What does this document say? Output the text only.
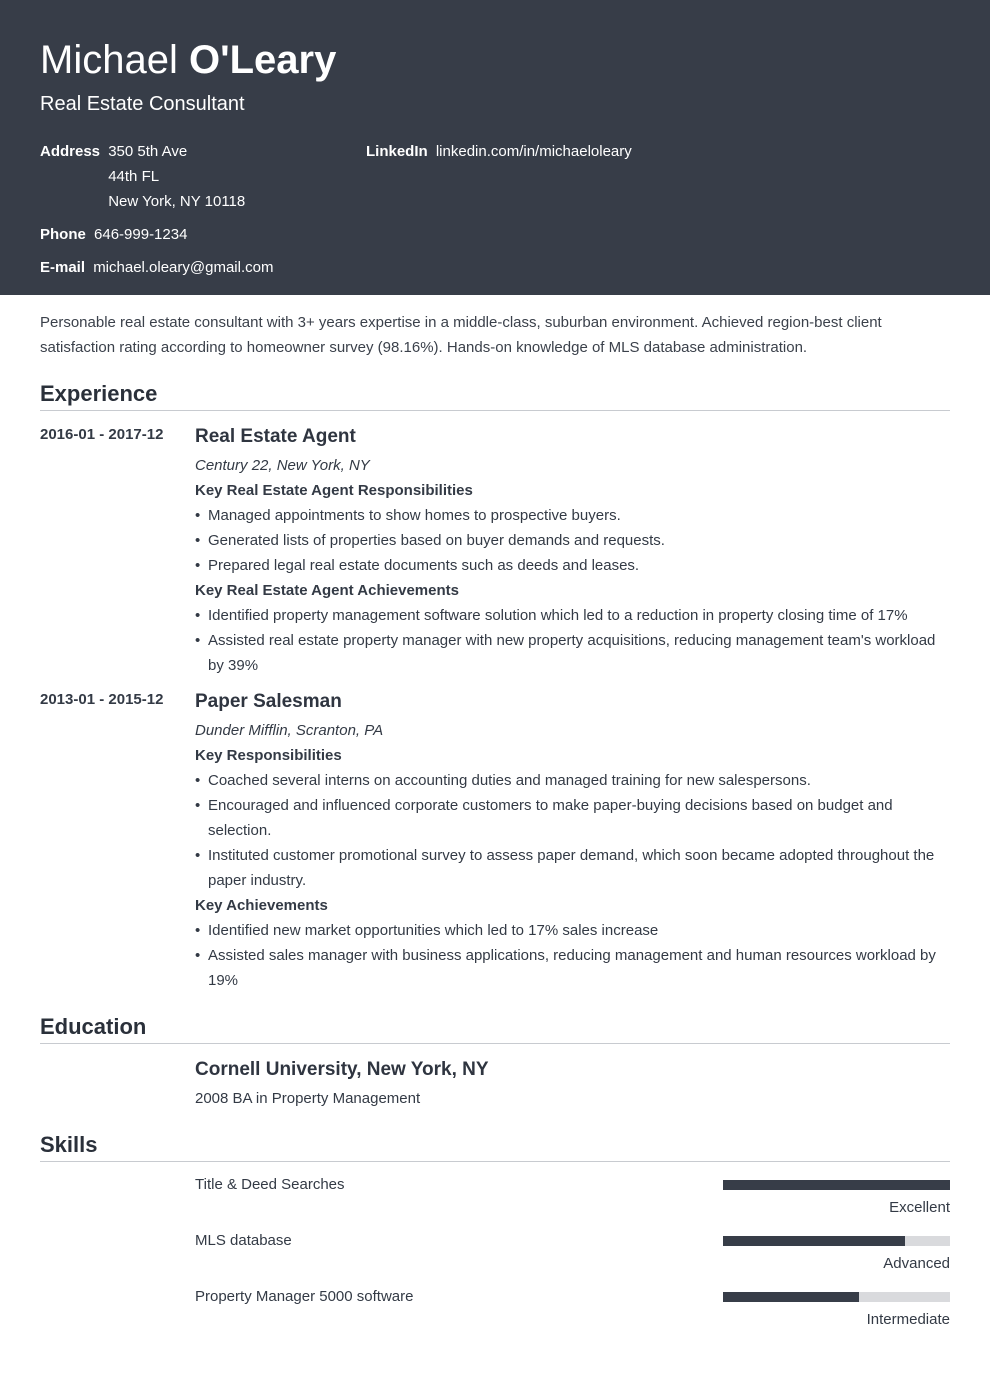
Michael O'Leary
Real Estate Consultant
Address 350 5th Ave
44th FL
New York, NY 10118
LinkedIn linkedin.com/in/michaeloleary
Phone 646-999-1234
E-mail michael.oleary@gmail.com
Personable real estate consultant with 3+ years expertise in a middle-class, suburban environment. Achieved region-best client satisfaction rating according to homeowner survey (98.16%). Hands-on knowledge of MLS database administration.
Experience
2016-01 - 2017-12 Real Estate Agent
Century 22, New York, NY
Key Real Estate Agent Responsibilities
• Managed appointments to show homes to prospective buyers.
• Generated lists of properties based on buyer demands and requests.
• Prepared legal real estate documents such as deeds and leases.
Key Real Estate Agent Achievements
• Identified property management software solution which led to a reduction in property closing time of 17%
• Assisted real estate property manager with new property acquisitions, reducing management team's workload by 39%
2013-01 - 2015-12 Paper Salesman
Dunder Mifflin, Scranton, PA
Key Responsibilities
• Coached several interns on accounting duties and managed training for new salespersons.
• Encouraged and influenced corporate customers to make paper-buying decisions based on budget and selection.
• Instituted customer promotional survey to assess paper demand, which soon became adopted throughout the paper industry.
Key Achievements
• Identified new market opportunities which led to 17% sales increase
• Assisted sales manager with business applications, reducing management and human resources workload by 19%
Education
Cornell University, New York, NY
2008 BA in Property Management
Skills
Title & Deed Searches
Excellent
MLS database
Advanced
Property Manager 5000 software
Intermediate
